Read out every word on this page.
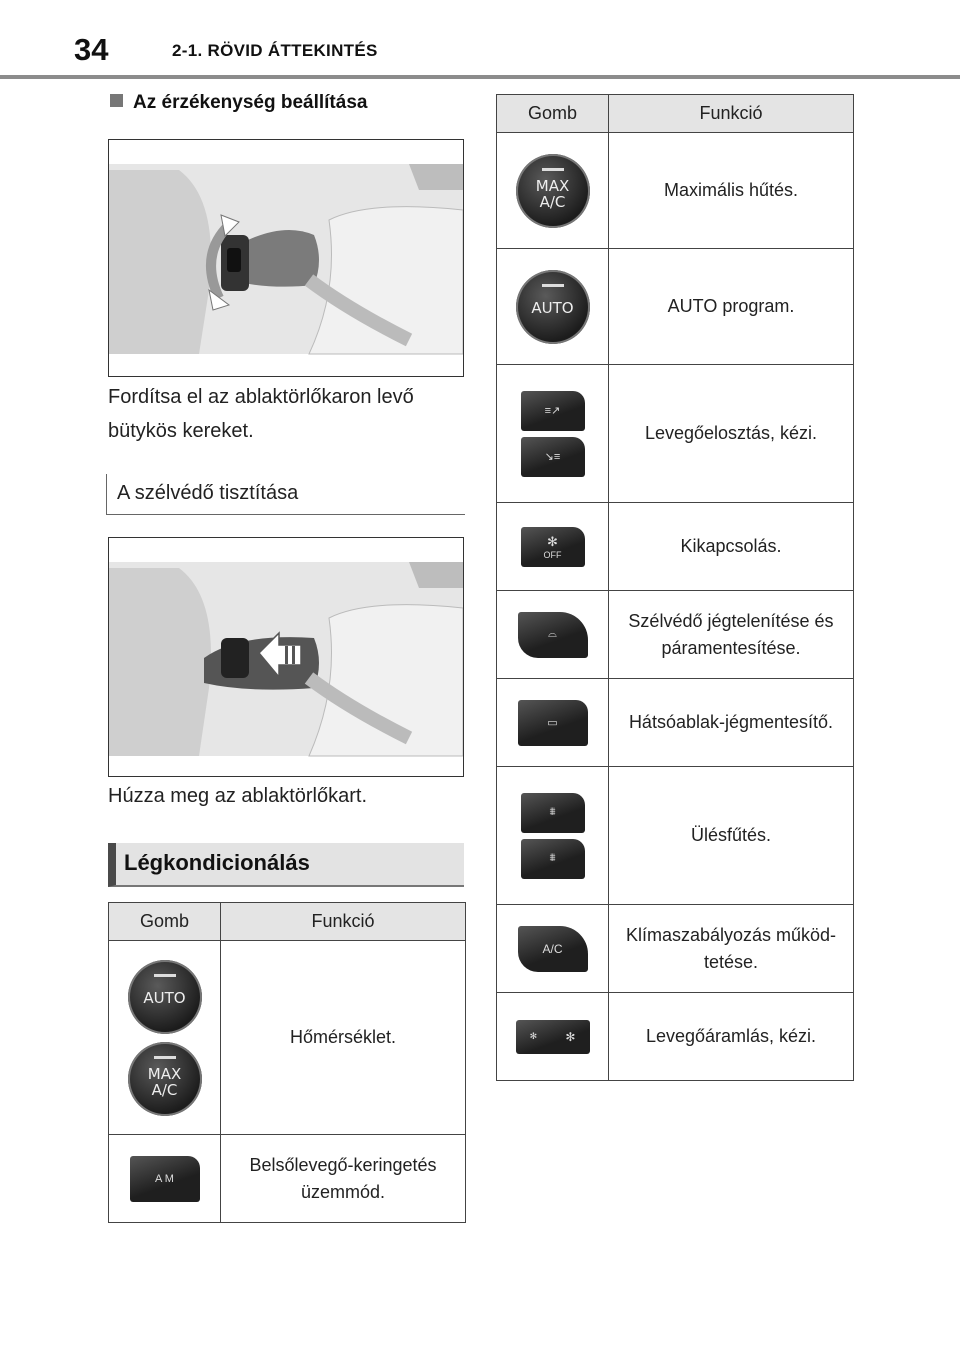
34	2-1. RÖVID ÁTTEKINTÉS
Az érzékenység beállítása
Fordítsa el az ablaktörlőkaron levő
bütykös kereket.
A szélvédő tisztítása
Húzza meg az ablaktörlőkart.
Légkondicionálás
Gomb	Funkció

AUTO
MAX
A/C	Hőmérséklet.

A M	Belsőlevegő-keringetés
üzemmód.
Gomb	Funkció

MAX
A/C	Maximális hűtés.

AUTO	AUTO program.

≡↗
↘≡	Levegőelosztás, kézi.

✻
OFF	Kikapcsolás.

⌓	Szélvédő jégtelenítése és
páramentesítése.

▭	Hátsóablak-jégmentesítő.

⩩
⩩	Ülésfűtés.

A/C	Klímaszabályozás működ-
tetése.

✻ ✻	Levegőáramlás, kézi.
